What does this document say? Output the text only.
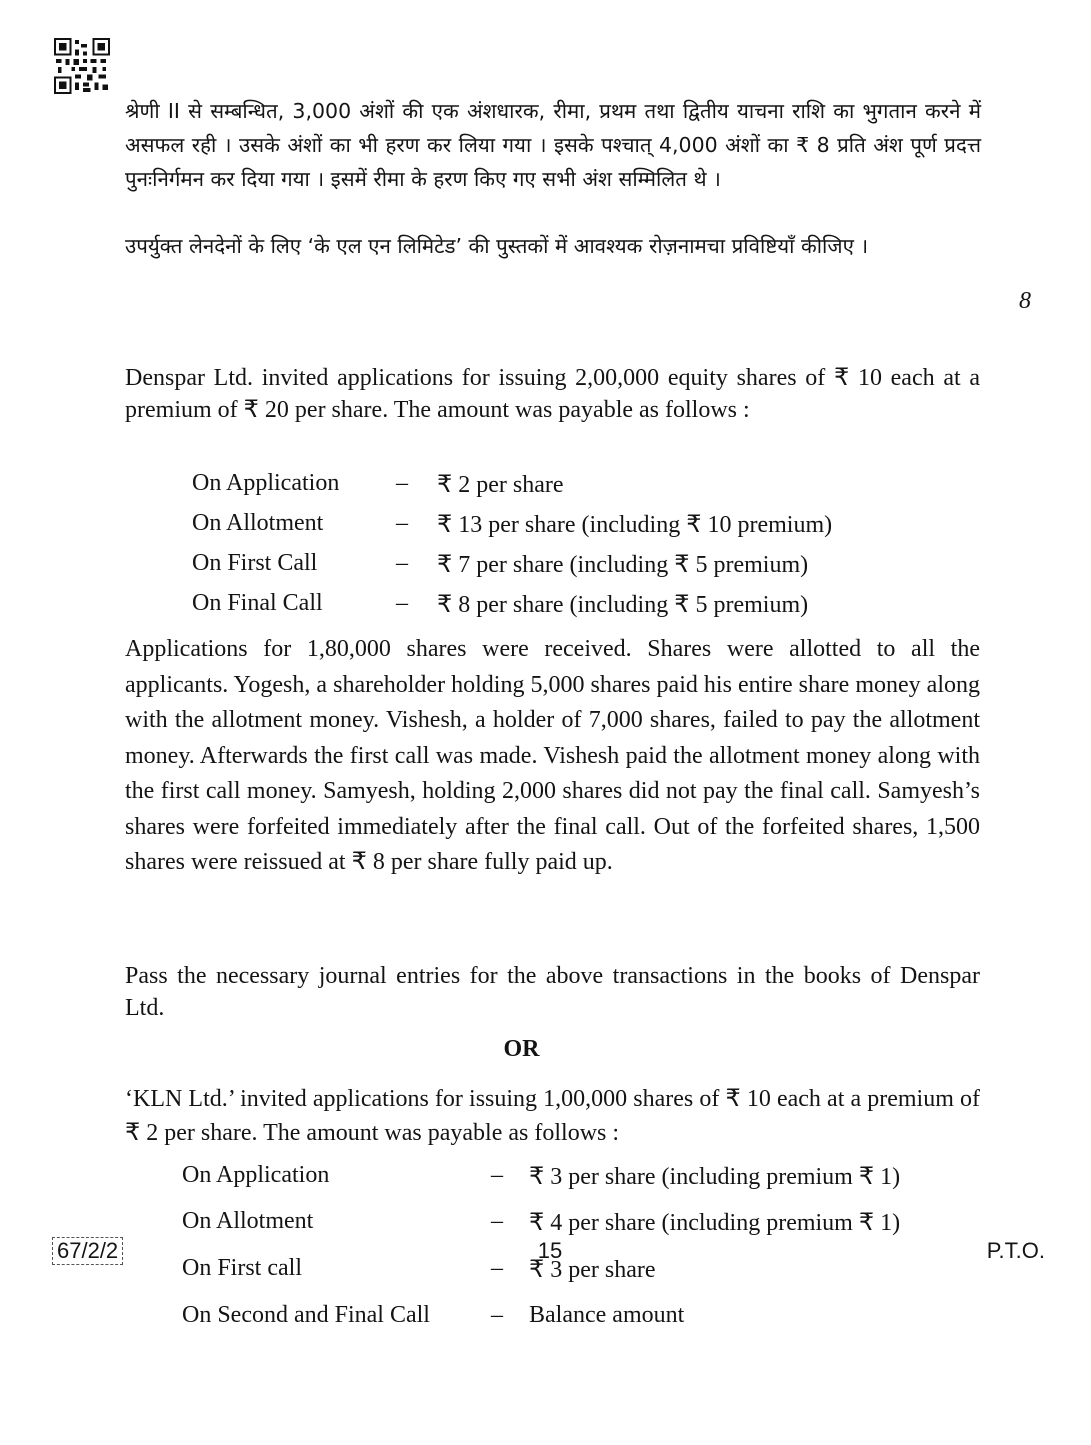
श्रेणी II से सम्बन्धित, 3,000 अंशों की एक अंशधारक, रीमा, प्रथम तथा द्वितीय याचना राशि का भुगतान करने में असफल रही । उसके अंशों का भी हरण कर लिया गया । इसके पश्चात् 4,000 अंशों का ₹ 8 प्रति अंश पूर्ण प्रदत्त पुनःनिर्गमन कर दिया गया । इसमें रीमा के हरण किए गए सभी अंश सम्मिलित थे ।
उपर्युक्त लेनदेनों के लिए ‘के एल एन लिमिटेड’ की पुस्तकों में आवश्यक रोज़नामचा प्रविष्टियाँ कीजिए ।
8
Denspar Ltd. invited applications for issuing 2,00,000 equity shares of ₹ 10 each at a premium of ₹ 20 per share. The amount was payable as follows :
On Application – ₹ 2 per share
On Allotment	– ₹ 13 per share (including ₹ 10 premium)
On First Call	– ₹ 7 per share (including ₹ 5 premium)
On Final Call	– ₹ 8 per share (including ₹ 5 premium)
Applications for 1,80,000 shares were received. Shares were allotted to all the applicants. Yogesh, a shareholder holding 5,000 shares paid his entire share money along with the allotment money. Vishesh, a holder of 7,000 shares, failed to pay the allotment money. Afterwards the first call was made. Vishesh paid the allotment money along with the first call money. Samyesh, holding 2,000 shares did not pay the final call. Samyesh’s shares were forfeited immediately after the final call. Out of the forfeited shares, 1,500 shares were reissued at ₹ 8 per share fully paid up.
Pass the necessary journal entries for the above transactions in the books of Denspar Ltd.
OR
‘KLN Ltd.’ invited applications for issuing 1,00,000 shares of ₹ 10 each at a premium of ₹ 2 per share. The amount was payable as follows :
On Application	– ₹ 3 per share (including premium ₹ 1)
On Allotment	– ₹ 4 per share (including premium ₹ 1)
On First call	– ₹ 3 per share
On Second and Final Call	– Balance amount
67/2/2	15	P.T.O.
